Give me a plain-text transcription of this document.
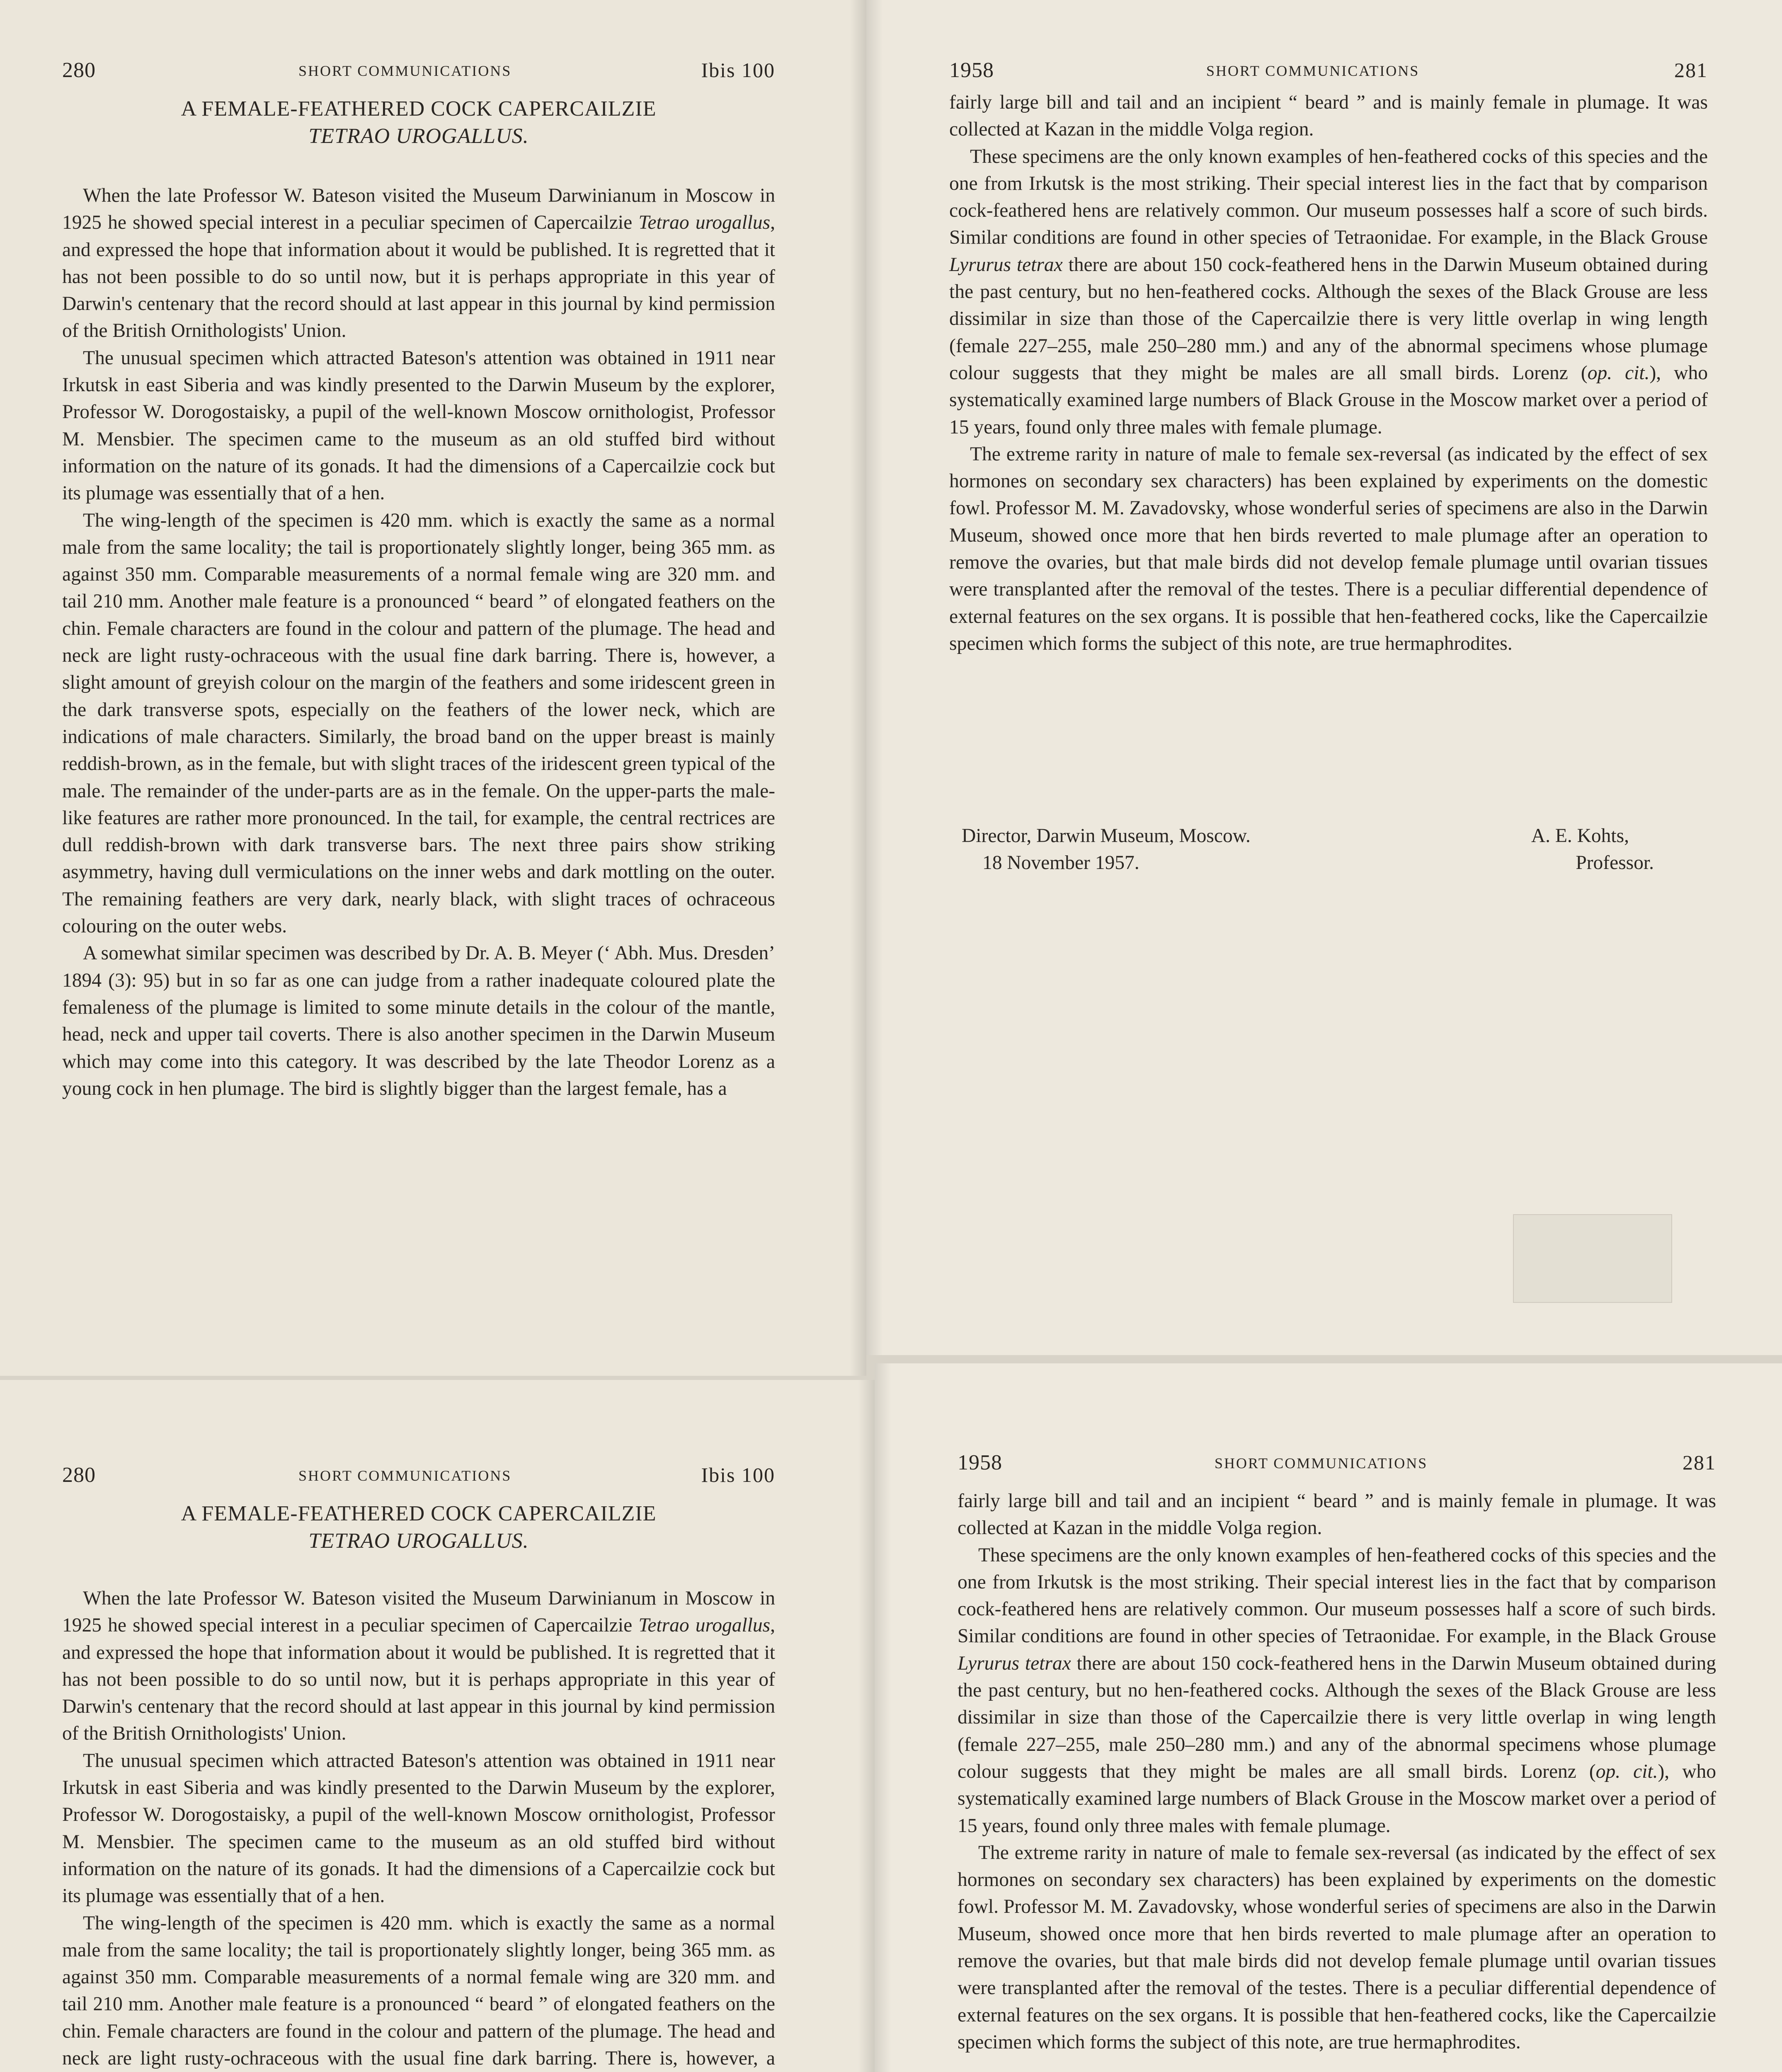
280	SHORT COMMUNICATIONS	Ibis 100
A FEMALE-FEATHERED COCK CAPERCAILZIE
TETRAO UROGALLUS.

When the late Professor W. Bateson visited the Museum Darwinianum in Moscow in 1925 he showed special interest in a peculiar specimen of Capercailzie Tetrao urogallus, and expressed the hope that information about it would be published. It is regretted that it has not been possible to do so until now, but it is perhaps appropriate in this year of Darwin's centenary that the record should at last appear in this journal by kind permission of the British Ornithologists' Union.

The unusual specimen which attracted Bateson's attention was obtained in 1911 near Irkutsk in east Siberia and was kindly presented to the Darwin Museum by the explorer, Professor W. Dorogostaisky, a pupil of the well-known Moscow ornithologist, Professor M. Mensbier. The specimen came to the museum as an old stuffed bird without information on the nature of its gonads. It had the dimensions of a Capercailzie cock but its plumage was essentially that of a hen.

The wing-length of the specimen is 420 mm. which is exactly the same as a normal male from the same locality; the tail is proportionately slightly longer, being 365 mm. as against 350 mm. Comparable measurements of a normal female wing are 320 mm. and tail 210 mm. Another male feature is a pronounced “ beard ” of elongated feathers on the chin. Female characters are found in the colour and pattern of the plumage. The head and neck are light rusty-ochraceous with the usual fine dark barring. There is, however, a slight amount of greyish colour on the margin of the feathers and some iridescent green in the dark transverse spots, especially on the feathers of the lower neck, which are indications of male characters. Similarly, the broad band on the upper breast is mainly reddish-brown, as in the female, but with slight traces of the iridescent green typical of the male. The remainder of the under-parts are as in the female. On the upper-parts the male-like features are rather more pronounced. In the tail, for example, the central rectrices are dull reddish-brown with dark transverse bars. The next three pairs show striking asymmetry, having dull vermiculations on the inner webs and dark mottling on the outer. The remaining feathers are very dark, nearly black, with slight traces of ochraceous colouring on the outer webs.

A somewhat similar specimen was described by Dr. A. B. Meyer (‘ Abh. Mus. Dresden’ 1894 (3): 95) but in so far as one can judge from a rather inadequate coloured plate the femaleness of the plumage is limited to some minute details in the colour of the mantle, head, neck and upper tail coverts. There is also another specimen in the Darwin Museum which may come into this category. It was described by the late Theodor Lorenz as a young cock in hen plumage. The bird is slightly bigger than the largest female, has a

1958	SHORT COMMUNICATIONS	281

fairly large bill and tail and an incipient “ beard ” and is mainly female in plumage. It was collected at Kazan in the middle Volga region.

These specimens are the only known examples of hen-feathered cocks of this species and the one from Irkutsk is the most striking. Their special interest lies in the fact that by comparison cock-feathered hens are relatively common. Our museum possesses half a score of such birds. Similar conditions are found in other species of Tetraonidae. For example, in the Black Grouse Lyrurus tetrax there are about 150 cock-feathered hens in the Darwin Museum obtained during the past century, but no hen-feathered cocks. Although the sexes of the Black Grouse are less dissimilar in size than those of the Capercailzie there is very little overlap in wing length (female 227–255, male 250–280 mm.) and any of the abnormal specimens whose plumage colour suggests that they might be males are all small birds. Lorenz (op. cit.), who systematically examined large numbers of Black Grouse in the Moscow market over a period of 15 years, found only three males with female plumage.

The extreme rarity in nature of male to female sex-reversal (as indicated by the effect of sex hormones on secondary sex characters) has been explained by experiments on the domestic fowl. Professor M. M. Zavadovsky, whose wonderful series of specimens are also in the Darwin Museum, showed once more that hen birds reverted to male plumage after an operation to remove the ovaries, but that male birds did not develop female plumage until ovarian tissues were transplanted after the removal of the testes. There is a peculiar differential dependence of external features on the sex organs. It is possible that hen-feathered cocks, like the Capercailzie specimen which forms the subject of this note, are true hermaphrodites.

Director, Darwin Museum, Moscow.
18 November 1957.
A. E. Kohts,
Professor.
280	SHORT COMMUNICATIONS	Ibis 100
A FEMALE-FEATHERED COCK CAPERCAILZIE
TETRAO UROGALLUS.

When the late Professor W. Bateson visited the Museum Darwinianum in Moscow in 1925 he showed special interest in a peculiar specimen of Capercailzie Tetrao urogallus, and expressed the hope that information about it would be published. It is regretted that it has not been possible to do so until now, but it is perhaps appropriate in this year of Darwin's centenary that the record should at last appear in this journal by kind permission of the British Ornithologists' Union.

The unusual specimen which attracted Bateson's attention was obtained in 1911 near Irkutsk in east Siberia and was kindly presented to the Darwin Museum by the explorer, Professor W. Dorogostaisky, a pupil of the well-known Moscow ornithologist, Professor M. Mensbier. The specimen came to the museum as an old stuffed bird without information on the nature of its gonads. It had the dimensions of a Capercailzie cock but its plumage was essentially that of a hen.

The wing-length of the specimen is 420 mm. which is exactly the same as a normal male from the same locality; the tail is proportionately slightly longer, being 365 mm. as against 350 mm. Comparable measurements of a normal female wing are 320 mm. and tail 210 mm. Another male feature is a pronounced “ beard ” of elongated feathers on the chin. Female characters are found in the colour and pattern of the plumage. The head and neck are light rusty-ochraceous with the usual fine dark barring. There is, however, a

1958	SHORT COMMUNICATIONS	281

fairly large bill and tail and an incipient “ beard ” and is mainly female in plumage. It was collected at Kazan in the middle Volga region.

These specimens are the only known examples of hen-feathered cocks of this species and the one from Irkutsk is the most striking. Their special interest lies in the fact that by comparison cock-feathered hens are relatively common. Our museum possesses half a score of such birds. Similar conditions are found in other species of Tetraonidae. For example, in the Black Grouse Lyrurus tetrax there are about 150 cock-feathered hens in the Darwin Museum obtained during the past century, but no hen-feathered cocks. Although the sexes of the Black Grouse are less dissimilar in size than those of the Capercailzie there is very little overlap in wing length (female 227–255, male 250–280 mm.) and any of the abnormal specimens whose plumage colour suggests that they might be males are all small birds. Lorenz (op. cit.), who systematically examined large numbers of Black Grouse in the Moscow market over a period of 15 years, found only three males with female plumage.

The extreme rarity in nature of male to female sex-reversal (as indicated by the effect of sex hormones on secondary sex characters) has been explained by experiments on the domestic fowl. Professor M. M. Zavadovsky, whose wonderful series of specimens are also in the Darwin Museum, showed once more that hen birds reverted to male plumage after an operation to remove the ovaries, but that male birds did not develop female plumage until ovarian tissues were transplanted after the removal of the testes. There is a peculiar differential dependence of external features on the sex organs. It is possible that hen-feathered cocks, like the Capercailzie specimen which forms the subject of this note, are true hermaphrodites.
